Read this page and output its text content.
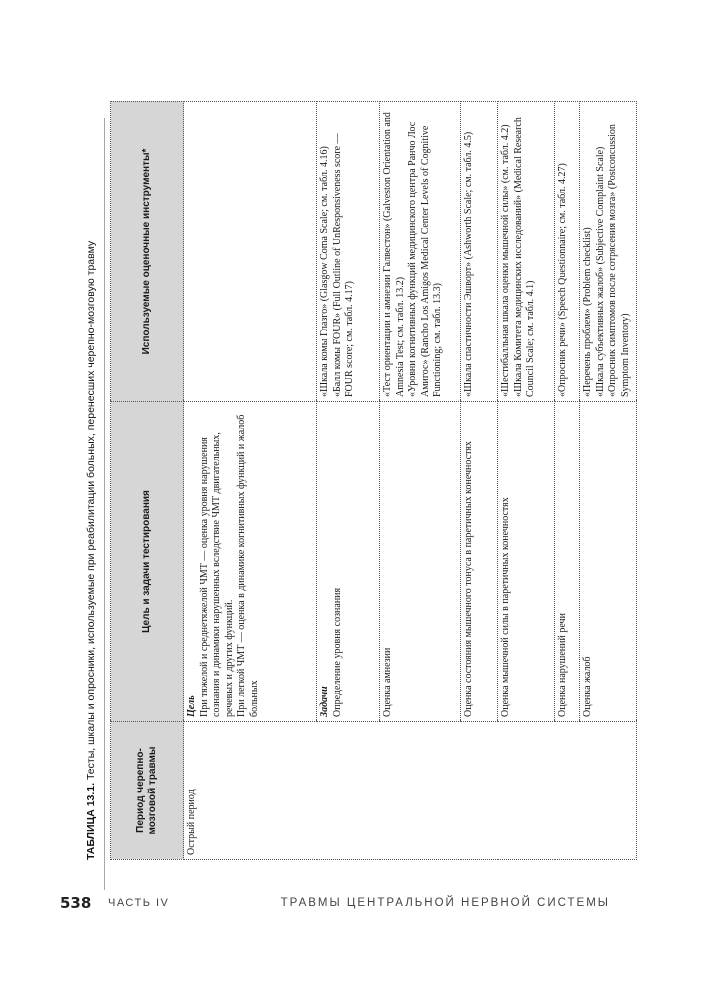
538	ЧАСТЬ IV	ТРАВМЫ ЦЕНТРАЛЬНОЙ НЕРВНОЙ СИСТЕМЫ
ТАБЛИЦА 13.1. Тесты, шкалы и опросники, используемые при реабилитации больных, перенесших черепно-мозговую травму
Период черепно-мозговой травмы	Цель и задачи тестирования	Используемые оценочные инструменты*
Острый период	Цель При тяжелой и среднетяжелой ЧМТ — оценка уровня нарушения сознания и динамики нарушенных вследствие ЧМТ двигательных, речевых и других функций. При легкой ЧМТ — оценка в динамике когнитивных функций и жалоб больных	

	Задачи Определение уровня сознания	«Шкала комы Глазго» (Glasgow Coma Scale; см. табл. 4.16) «Балл комы FOUR» (Full Outline of UnResponsiveness score — FOUR score; см. табл. 4.17)

	Оценка амнезии	«Тест ориентации и амнезии Галвестон» (Galveston Orientation and Amnesia Test; см. табл. 13.2) «Уровни когнитивных функций медицинского центра Ранчо Лос Амигос» (Rancho Los Amigos Medical Center Levels of Cognitive Functioning; см. табл. 13.3)

	Оценка состояния мышечного тонуса в паретичных конечностях	«Шкала спастичности Эшворт» (Ashworth Scale; см. табл. 4.5)

	Оценка мышечной силы в паретичных конечностях	«Шестибалльная шкала оценки мышечной силы» (см. табл. 4.2) «Шкала Комитета медицинских исследований» (Medical Research Council Scale; см. табл. 4.1)

	Оценка нарушений речи	«Опросник речи» (Speech Questionnaire; см. табл. 4.27)

	Оценка жалоб	«Перечень проблем» (Problem checklist) «Шкала субъективных жалоб» (Subjective Complaint Scale) «Опросник симптомов после сотрясения мозга» (Postconcussion Symptom Inventory)
